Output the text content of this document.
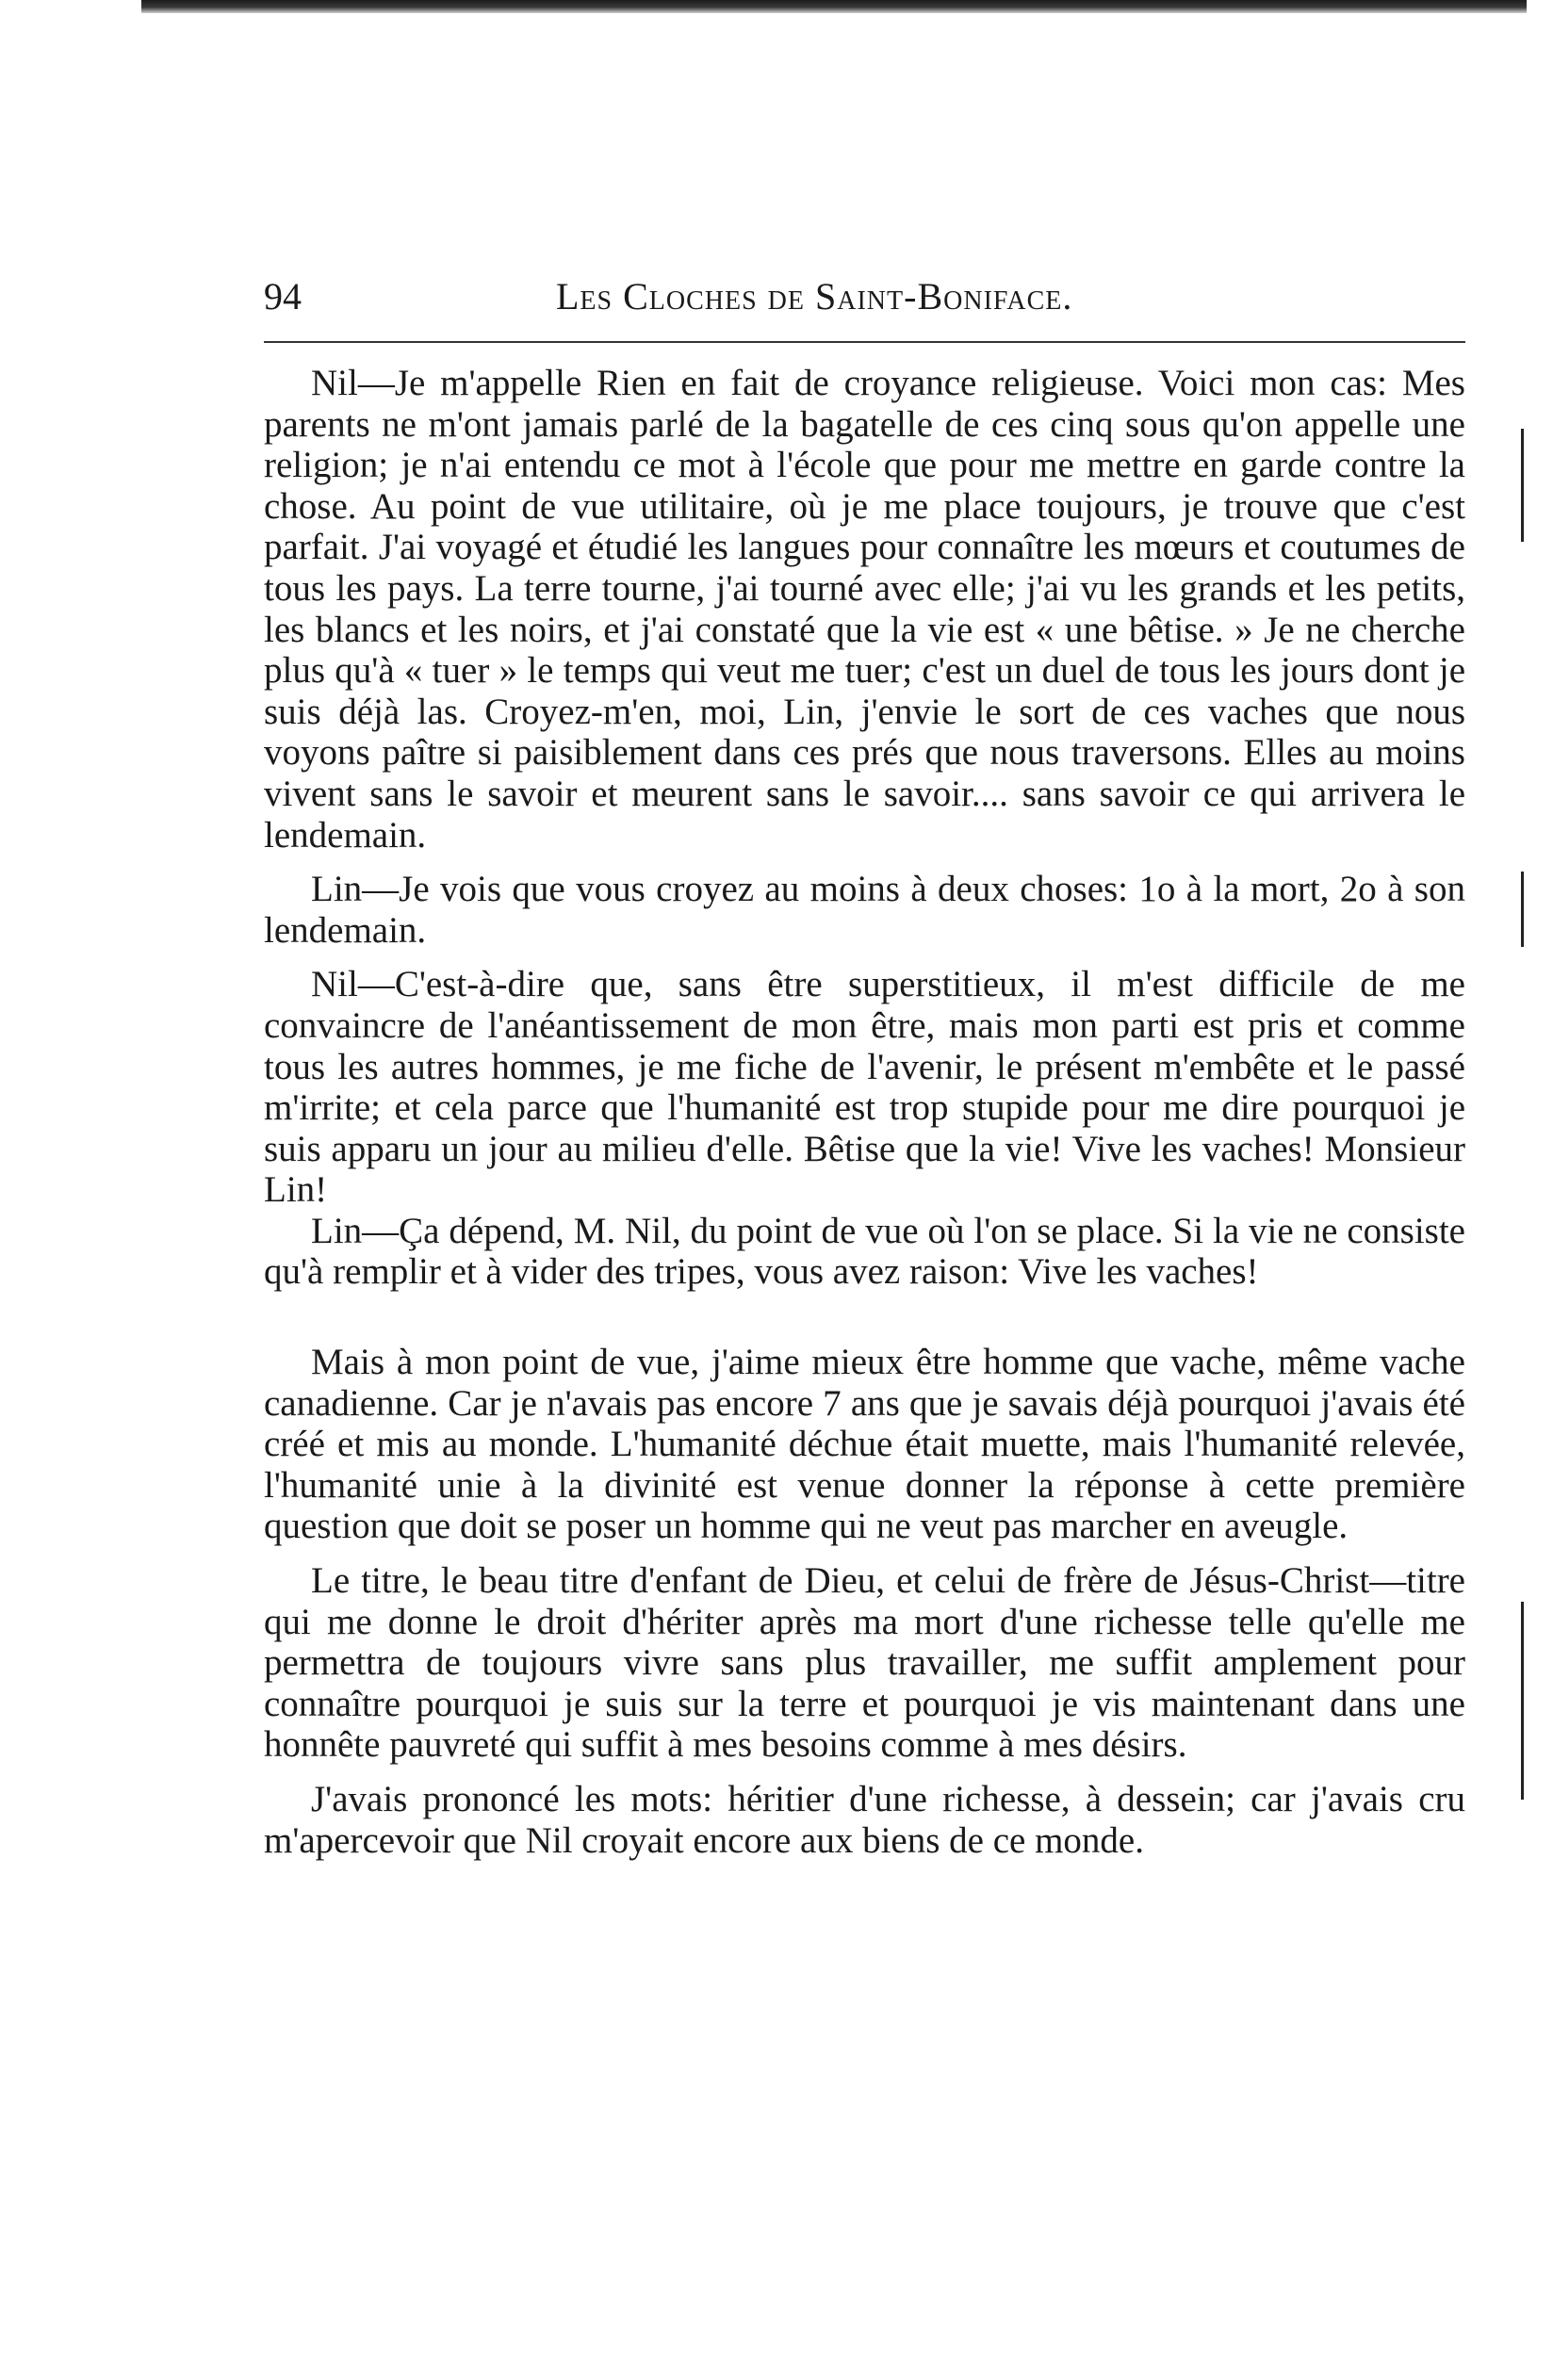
94	Les Cloches de Saint-Boniface.

Nil—Je m'appelle Rien en fait de croyance religieuse. Voici mon cas: Mes parents ne m'ont jamais parlé de la bagatelle de ces cinq sous qu'on appelle une religion; je n'ai entendu ce mot à l'école que pour me mettre en garde contre la chose. Au point de vue utilitaire, où je me place toujours, je trouve que c'est parfait. J'ai voyagé et étudié les langues pour connaître les mœurs et coutumes de tous les pays. La terre tourne, j'ai tourné avec elle; j'ai vu les grands et les petits, les blancs et les noirs, et j'ai constaté que la vie est « une bêtise. » Je ne cherche plus qu'à « tuer » le temps qui veut me tuer; c'est un duel de tous les jours dont je suis déjà las. Croyez-m'en, moi, Lin, j'envie le sort de ces vaches que nous voyons paître si paisiblement dans ces prés que nous traversons. Elles au moins vivent sans le savoir et meurent sans le savoir.... sans savoir ce qui arrivera le lendemain.

Lin—Je vois que vous croyez au moins à deux choses: 1o à la mort, 2o à son lendemain.

Nil—C'est-à-dire que, sans être superstitieux, il m'est difficile de me convaincre de l'anéantissement de mon être, mais mon parti est pris et comme tous les autres hommes, je me fiche de l'avenir, le présent m'embête et le passé m'irrite; et cela parce que l'humanité est trop stupide pour me dire pourquoi je suis apparu un jour au milieu d'elle. Bêtise que la vie! Vive les vaches! Monsieur Lin!

Lin—Ça dépend, M. Nil, du point de vue où l'on se place. Si la vie ne consiste qu'à remplir et à vider des tripes, vous avez raison: Vive les vaches!

Mais à mon point de vue, j'aime mieux être homme que vache, même vache canadienne. Car je n'avais pas encore 7 ans que je savais déjà pourquoi j'avais été créé et mis au monde. L'humanité déchue était muette, mais l'humanité relevée, l'humanité unie à la divinité est venue donner la réponse à cette première question que doit se poser un homme qui ne veut pas marcher en aveugle.

Le titre, le beau titre d'enfant de Dieu, et celui de frère de Jésus-Christ—titre qui me donne le droit d'hériter après ma mort d'une richesse telle qu'elle me permettra de toujours vivre sans plus travailler, me suffit amplement pour connaître pourquoi je suis sur la terre et pourquoi je vis maintenant dans une honnête pauvreté qui suffit à mes besoins comme à mes désirs.

J'avais prononcé les mots: héritier d'une richesse, à dessein; car j'avais cru m'apercevoir que Nil croyait encore aux biens de ce monde.
